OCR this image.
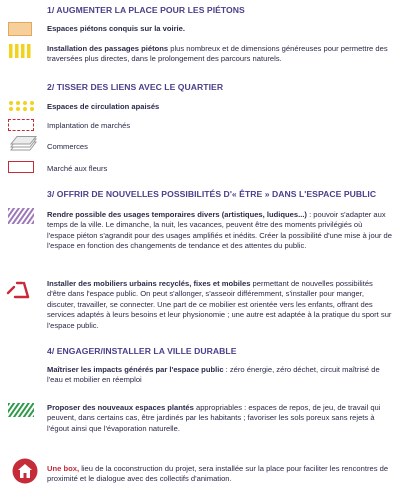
1/ AUGMENTER LA PLACE POUR LES PIÉTONS
Espaces piétons conquis sur la voirie.
Installation des passages piétons plus nombreux et de dimensions généreuses pour permettre des traversées plus directes, dans le prolongement des parcours naturels.
2/ TISSER DES LIENS AVEC LE QUARTIER
Espaces de circulation apaisés
Implantation de marchés
Commerces
Marché aux fleurs
3/ OFFRIR DE NOUVELLES POSSIBILITÉS D'« ÊTRE » DANS L'ESPACE PUBLIC
Rendre possible des usages temporaires divers (artistiques, ludiques...) : pouvoir s'adapter aux temps de la ville. Le dimanche, la nuit, les vacances, peuvent être des moments privilégiés où l'espace piéton s'agrandit pour des usages amplifiés et inédits. Créer la possibilité d'une mise à jour de l'espace en fonction des changements de tendance et des attentes du public.
Installer des mobiliers urbains recyclés, fixes et mobiles permettant de nouvelles possibilités d'être dans l'espace public. On peut s'allonger, s'asseoir différemment, s'installer pour manger, discuter, travailler, se connecter. Une part de ce mobilier est orientée vers les enfants, offrant des services adaptés à leurs besoins et leur physionomie ; une autre est adaptée à la pratique du sport sur l'espace public.
4/ ENGAGER/INSTALLER LA VILLE DURABLE
Maîtriser les impacts générés par l'espace public : zéro énergie, zéro déchet, circuit maîtrisé de l'eau et mobilier en réemploi
Proposer des nouveaux espaces plantés appropriables : espaces de repos, de jeu, de travail qui peuvent, dans certains cas, être jardinés par les habitants ; favoriser les sols poreux sans rejets à l'égout ainsi que l'évaporation naturelle.
Une box, lieu de la coconstruction du projet, sera installée sur la place pour faciliter les rencontres de proximité et le dialogue avec des collectifs d'animation.
